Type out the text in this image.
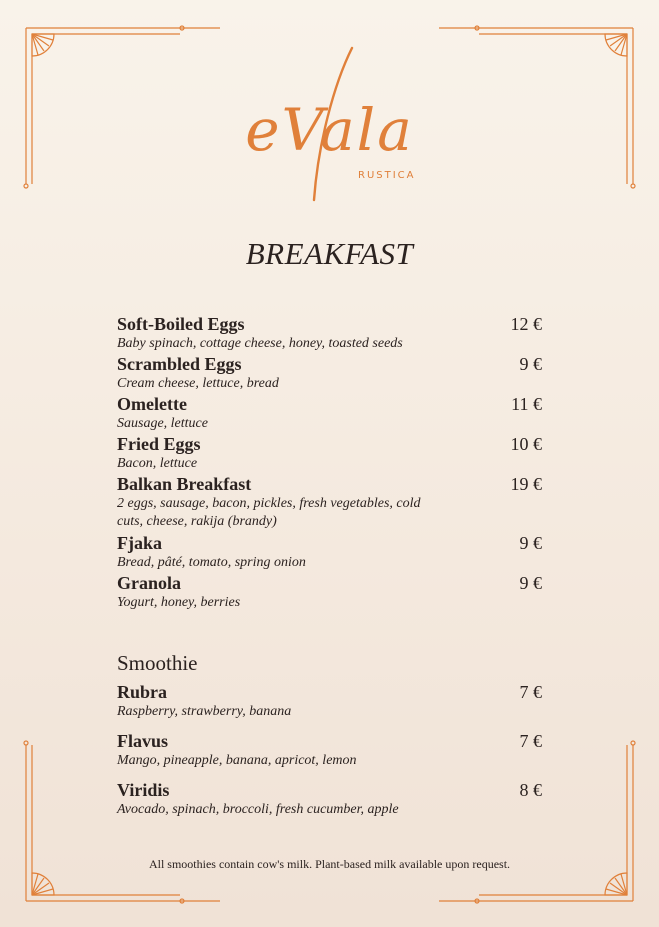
eVala
RUSTICA
BREAKFAST
Soft-Boiled Eggs	12 €
Baby spinach, cottage cheese, honey, toasted seeds
Scrambled Eggs	9 €
Cream cheese, lettuce, bread
Omelette	11 €
Sausage, lettuce
Fried Eggs	10 €
Bacon, lettuce
Balkan Breakfast	19 €
2 eggs, sausage, bacon, pickles, fresh vegetables, cold cuts, cheese, rakija (brandy)
Fjaka	9 €
Bread, pâté, tomato, spring onion
Granola	9 €
Yogurt, honey, berries
Smoothie
Rubra	7 €
Raspberry, strawberry, banana
Flavus	7 €
Mango, pineapple, banana, apricot, lemon
Viridis	8 €
Avocado, spinach, broccoli, fresh cucumber, apple
All smoothies contain cow's milk. Plant-based milk available upon request.
